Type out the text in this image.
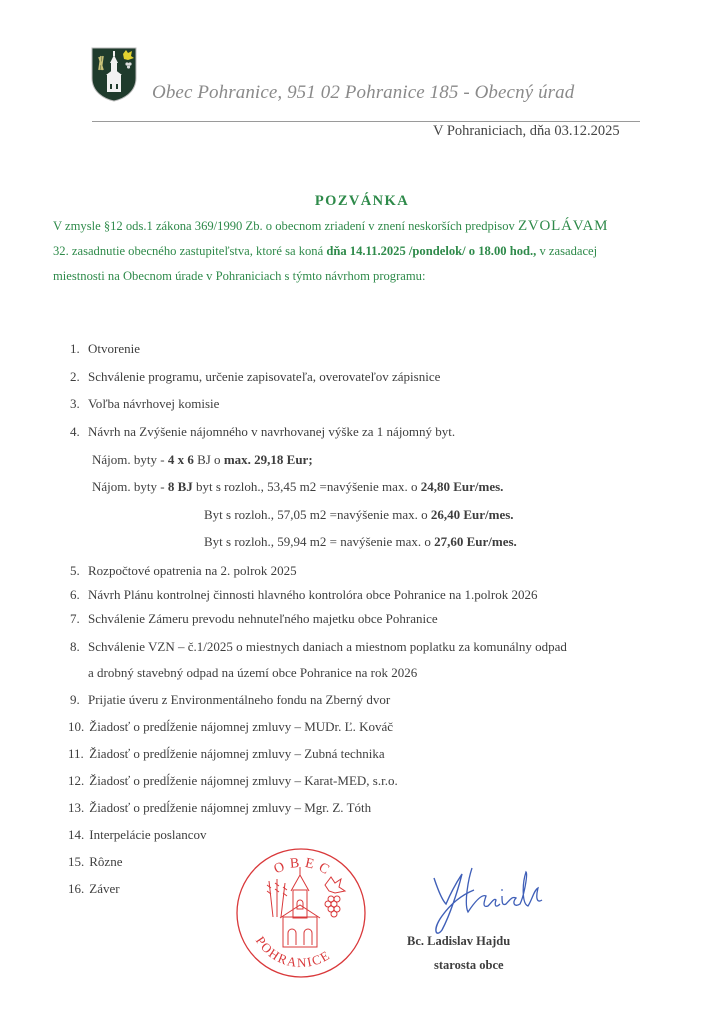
Obec Pohranice, 951 02 Pohranice 185 - Obecný úrad
V Pohraniciach, dňa 03.12.2025
POZVÁNKA
V zmysle §12 ods.1 zákona 369/1990 Zb. o obecnom zriadení v znení neskorších predpisov ZVOLÁVAM
32. zasadnutie obecného zastupiteľstva, ktoré sa koná dňa 14.11.2025 /pondelok/ o 18.00 hod., v zasadacej
miestnosti na Obecnom úrade v Pohraniciach s týmto návrhom programu:
1. Otvorenie
2. Schválenie programu, určenie zapisovateľa, overovateľov zápisnice
3. Voľba návrhovej komisie
4. Návrh na Zvýšenie nájomného v navrhovanej výške za 1 nájomný byt.
Nájom. byty - 4 x 6 BJ o max. 29,18 Eur;
Nájom. byty - 8 BJ byt s rozloh., 53,45 m2 =navýšenie max. o 24,80 Eur/mes.
Byt s rozloh., 57,05 m2 =navýšenie max. o 26,40 Eur/mes.
Byt s rozloh., 59,94 m2 = navýšenie max. o 27,60 Eur/mes.
5. Rozpočtové opatrenia na 2. polrok 2025
6. Návrh Plánu kontrolnej činnosti hlavného kontrolóra obce Pohranice na 1.polrok 2026
7. Schválenie Zámeru prevodu nehnuteľného majetku obce Pohranice
8. Schválenie VZN – č.1/2025 o miestnych daniach a miestnom poplatku za komunálny odpad
a drobný stavebný odpad na území obce Pohranice na rok 2026
9. Prijatie úveru z Environmentálneho fondu na Zberný dvor
10. Žiadosť o predĺženie nájomnej zmluvy – MUDr. Ľ. Kováč
11. Žiadosť o predĺženie nájomnej zmluvy – Zubná technika
12. Žiadosť o predĺženie nájomnej zmluvy – Karat-MED, s.r.o.
13. Žiadosť o predĺženie nájomnej zmluvy – Mgr. Z. Tóth
14. Interpelácie poslancov
15. Rôzne
16. Záver
OBEC
POHRANICE
Bc. Ladislav Hajdu
starosta obce
